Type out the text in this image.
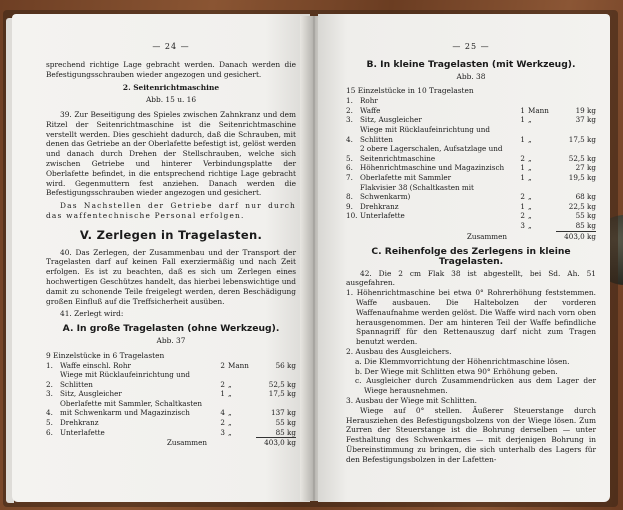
— 24 —

sprechend richtige Lage gebracht werden. Danach werden die Befestigungsschrauben wieder angezogen und gesichert.

2. Seitenrichtmaschine
Abb. 15 u. 16

39. Zur Beseitigung des Spieles zwischen Zahnkranz und dem Ritzel der Seitenrichtmaschine ist die Seitenrichtmaschine verstellt werden. Dies geschieht dadurch, daß die Schrauben, mit denen das Getriebe an der Oberlafette befestigt ist, gelöst werden und danach durch Drehen der Stellschrauben, welche sich zwischen Getriebe und hinterer Verbindungsplatte der Oberlafette befindet, in die entsprechend richtige Lage gebracht wird. Gegenmuttern fest anziehen. Danach werden die Befestigungsschrauben wieder angezogen und gesichert.

Das Nachstellen der Getriebe darf nur durch das waffentechnische Personal erfolgen.

V. Zerlegen in Tragelasten.

40. Das Zerlegen, der Zusammenbau und der Transport der Tragelasten darf auf keinen Fall exerziermäßig und nach Zeit erfolgen. Es ist zu beachten, daß es sich um Zerlegen eines hochwertigen Geschützes handelt, das hierbei lebenswichtige und damit zu schonende Teile freigelegt werden, deren Beschädigung großen Einfluß auf die Treffsicherheit ausüben.

41. Zerlegt wird:

A. In große Tragelasten (ohne Werkzeug).
Abb. 37
9 Einzelstücke in 6 Tragelasten
1.	Waffe einschl. Rohr	2	Mann	56 kg
2.	Wiege mit Rücklaufeinrichtung und Schlitten	2	„	52,5 kg
3.	Sitz, Ausgleicher	1	„	17,5 kg
4.	Oberlafette mit Sammler, Schaltkasten mit Schwenkarm und Magazinzisch	4	„	137 kg
5.	Drehkranz	2	„	55 kg
6.	Unterlafette	3	„	85 kg
	Zusammen			403,0 kg
— 25 —
B. In kleine Tragelasten (mit Werkzeug).
Abb. 38
15 Einzelstücke in 10 Tragelasten
1.	Rohr			
2.	Waffe	1	Mann	19 kg
3.	Sitz, Ausgleicher	1	„	37 kg
4.	Wiege mit Rücklaufeinrichtung und Schlitten	1	„	17,5 kg
5.	2 obere Lagerschalen, Aufsatzlage und Seitenrichtmaschine	2	„	52,5 kg
6.	Höhenrichtmaschine und Magazinzisch	1	„	27 kg
7.	Oberlafette mit Sammler	1	„	19,5 kg
8.	Flakvisier 38 (Schaltkasten mit Schwenkarm)	2	„	68 kg
9.	Drehkranz	1	„	22,5 kg
10.	Unterlafette	2	„	55 kg
		3	„	85 kg
	Zusammen			403,0 kg
C. Reihenfolge des Zerlegens in kleine Tragelasten.

42. Die 2 cm Flak 38 ist abgestellt, bei Sd. Ah. 51 ausgefahren.

1. Höhenrichtmaschine bei etwa 0° Rohrerhöhung feststemmen. Waffe ausbauen. Die Haltebolzen der vorderen Waffenaufnahme werden gelöst. Die Waffe wird nach vorn oben herausgenommen. Der am hinteren Teil der Waffe befindliche Spannagriff für den Rettenauszug darf nicht zum Tragen benutzt werden.
2. Ausbau des Ausgleichers.
a. Die Klemmvorrichtung der Höhenrichtmaschine lösen.
b. Der Wiege mit Schlitten etwa 90° Erhöhung geben.
c. Ausgleicher durch Zusammendrücken aus dem Lager der Wiege herausnehmen.
3. Ausbau der Wiege mit Schlitten.

Wiege auf 0° stellen. Äußerer Steuerstange durch Herausziehen des Befestigungsbolzens von der Wiege lösen. Zum Zurren der Steuerstange ist die Bohrung derselben — unter Festhaltung des Schwenkarmes — mit derjenigen Bohrung in Übereinstimmung zu bringen, die sich unterhalb des Lagers für den Befestigungsbolzen in der Lafetten-
